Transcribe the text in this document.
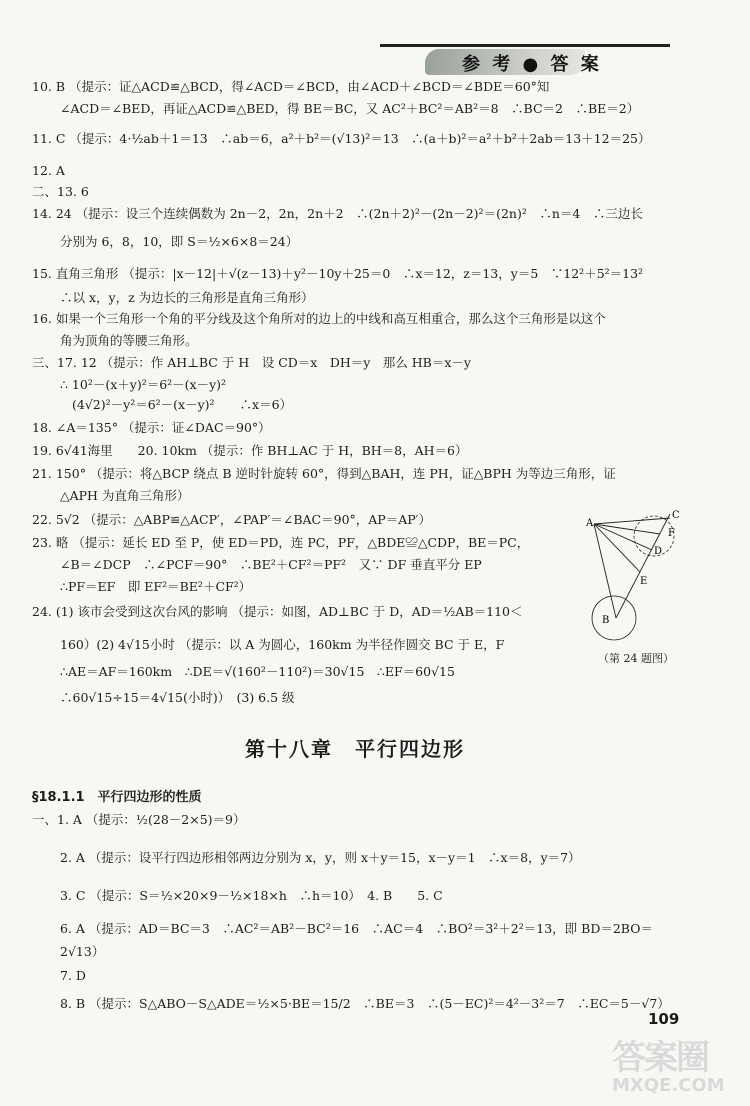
参 考 ● 答 案
10. B （提示：证△ACD≌△BCD，得∠ACD＝∠BCD，由∠ACD＋∠BCD＝∠BDE＝60°知
∠ACD＝∠BED，再证△ACD≌△BED，得 BE＝BC，又 AC²＋BC²＝AB²＝8　∴BC＝2　∴BE＝2）
11. C （提示：4·½ab＋1＝13　∴ab＝6，a²＋b²＝(√13)²＝13　∴(a＋b)²＝a²＋b²＋2ab＝13＋12＝25）
12. A
二、13. 6
14. 24 （提示：设三个连续偶数为 2n－2，2n，2n＋2　∴(2n＋2)²－(2n－2)²＝(2n)²　∴n＝4　∴三边长
分别为 6，8，10，即 S＝½×6×8＝24）
15. 直角三角形 （提示：|x－12|＋√(z－13)＋y²－10y＋25＝0　∴x＝12，z＝13，y＝5　∵12²＋5²＝13²
∴以 x，y，z 为边长的三角形是直角三角形）
16. 如果一个三角形一个角的平分线及这个角所对的边上的中线和高互相重合，那么这个三角形是以这个
角为顶角的等腰三角形。
三、17. 12 （提示：作 AH⊥BC 于 H　设 CD＝x　DH＝y　那么 HB＝x－y
∴ 10²－(x＋y)²＝6²－(x－y)²
(4√2)²－y²＝6²－(x－y)²　　∴x＝6）
18. ∠A＝135° （提示：证∠DAC＝90°）
19. 6√41海里　　20. 10km （提示：作 BH⊥AC 于 H，BH＝8，AH＝6）
21. 150° （提示：将△BCP 绕点 B 逆时针旋转 60°，得到△BAH，连 PH，证△BPH 为等边三角形，证
△APH 为直角三角形）
22. 5√2 （提示：△ABP≌△ACP′，∠PAP′＝∠BAC＝90°，AP＝AP′）
23. 略 （提示：延长 ED 至 P，使 ED＝PD，连 PC，PF，△BDE≌△CDP，BE＝PC，
∠B＝∠DCP　∴∠PCF＝90°　∴BE²＋CF²＝PF²　又∵ DF 垂直平分 EP
∴PF＝EF　即 EF²＝BE²＋CF²）
24. (1) 该市会受到这次台风的影响 （提示：如图，AD⊥BC 于 D，AD＝½AB＝110＜
160）(2) 4√15小时 （提示：以 A 为圆心，160km 为半径作圆交 BC 于 E，F
∴AE＝AF＝160km　∴DE＝√(160²－110²)＝30√15　∴EF＝60√15
∴60√15÷15＝4√15(小时)）　(3) 6.5 级
A
C
F
D
E
B
（第 24 题图）
第十八章　平行四边形
§18.1.1　平行四边形的性质
一、1. A （提示：½(28－2×5)＝9）
2. A （提示：设平行四边形相邻两边分别为 x，y，则 x＋y＝15，x－y＝1　∴x＝8，y＝7）
3. C （提示：S＝½×20×9－½×18×h　∴h＝10）　4. B　　5. C
6. A （提示：AD＝BC＝3　∴AC²＝AB²－BC²＝16　∴AC＝4　∴BO²＝3²＋2²＝13，即 BD＝2BO＝
2√13）
7. D
8. B （提示：S△ABO－S△ADE＝½×5·BE＝15/2　∴BE＝3　∴(5－EC)²＝4²－3²＝7　∴EC＝5－√7）
109
答案圈
MXQE.COM
